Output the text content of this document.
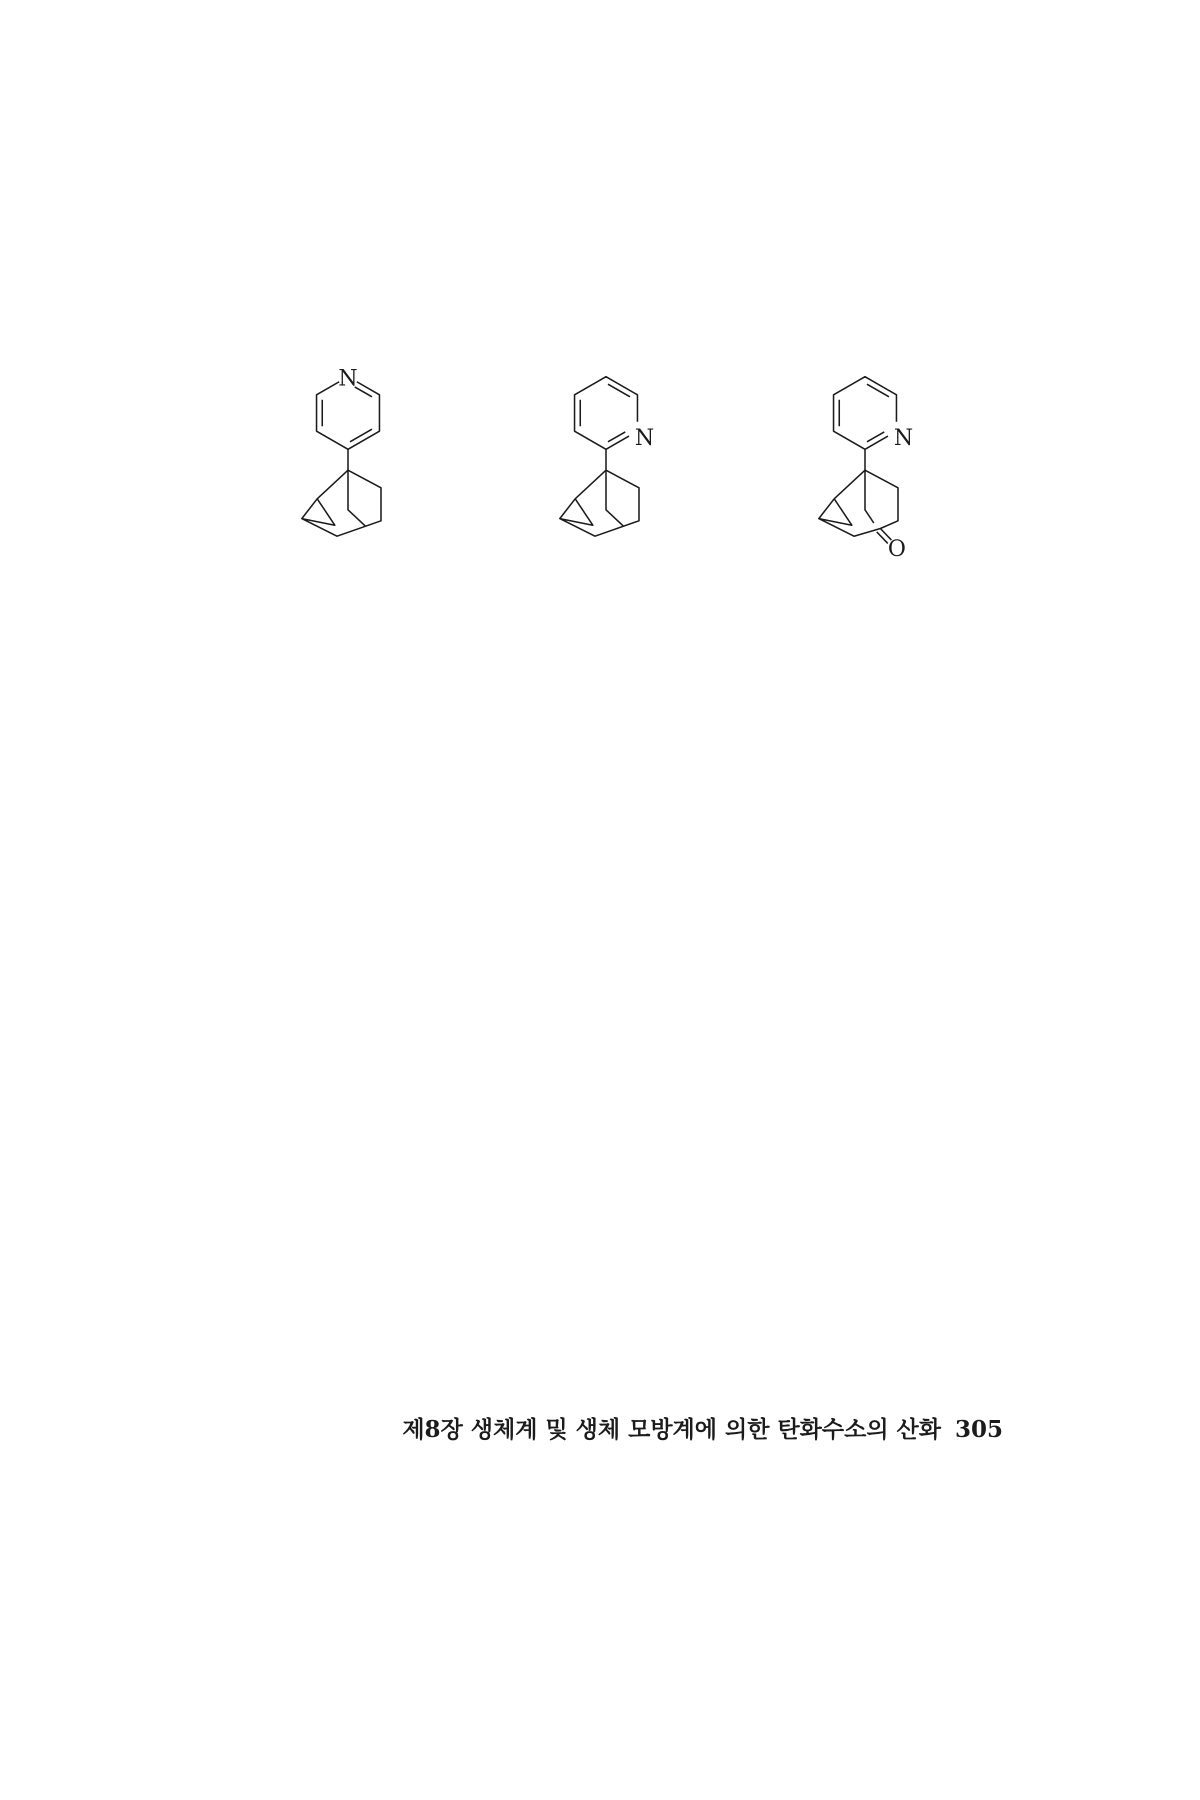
N
N
O
N
제8장 생체계 및 생체 모방계에 의한 탄화수소의 산화 305
